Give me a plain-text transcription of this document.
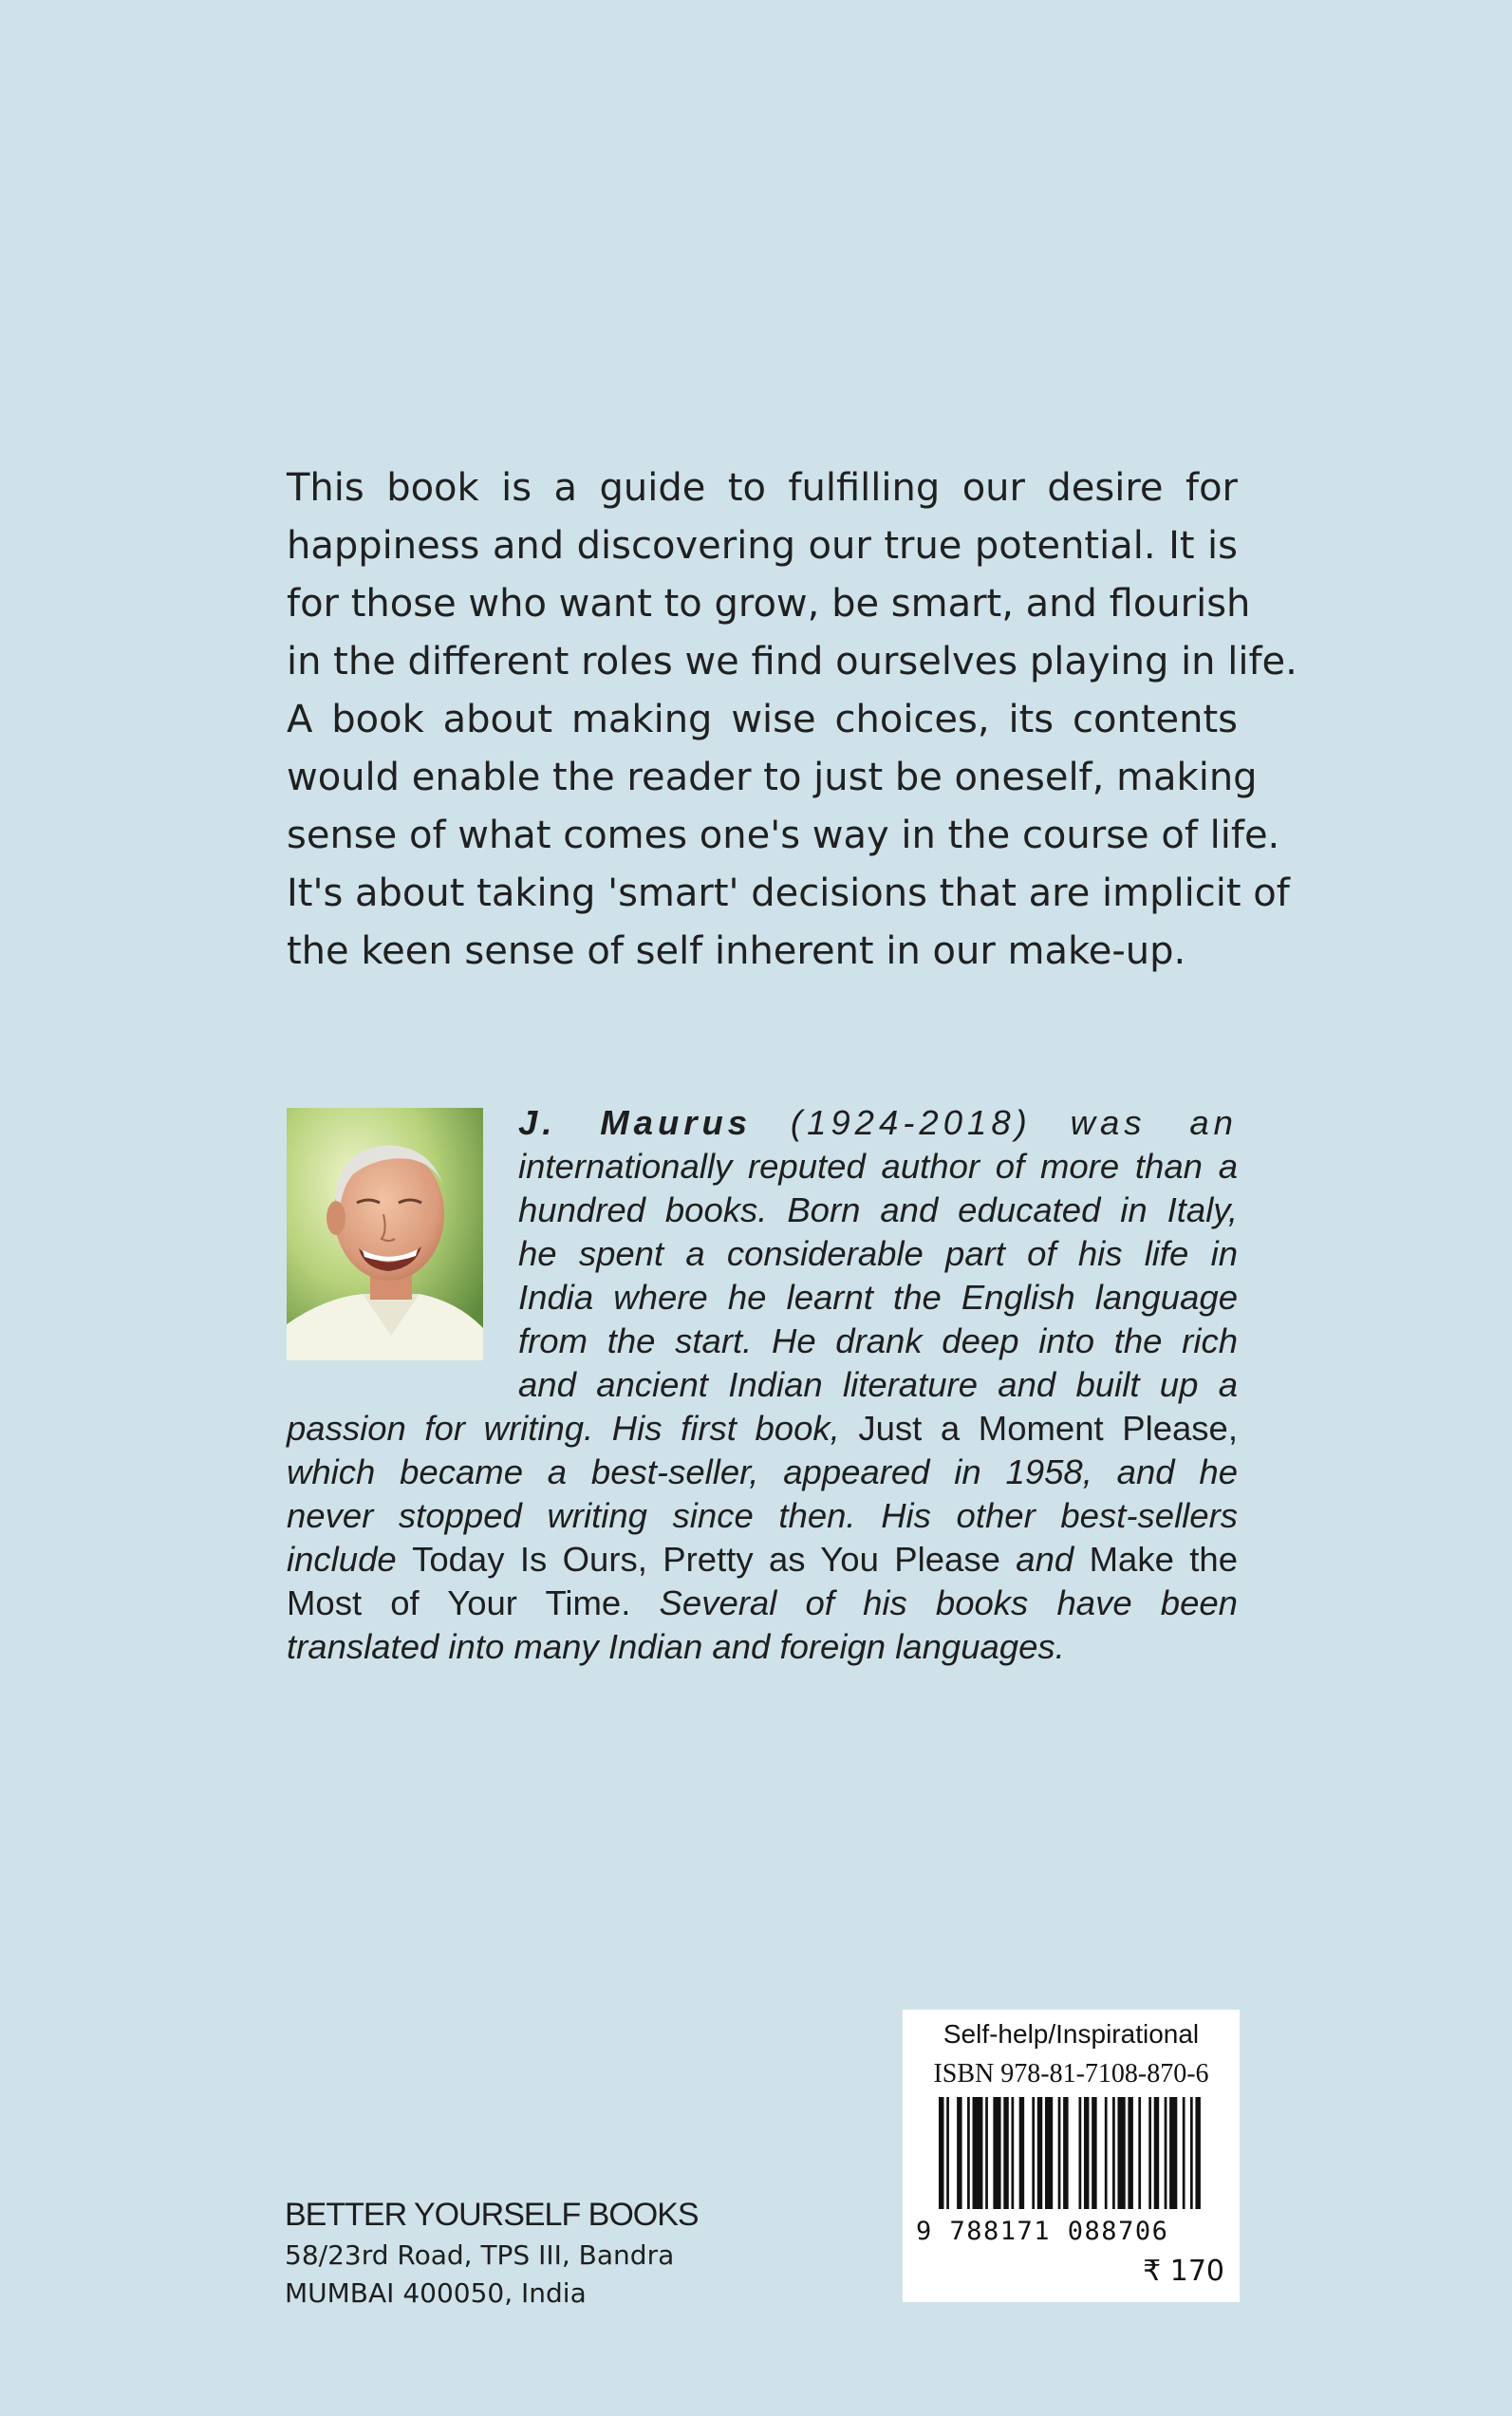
This book is a guide to fulfilling our desire for
happiness and discovering our true potential. It is
for those who want to grow, be smart, and flourish
in the different roles we find ourselves playing in life.
A book about making wise choices, its contents
would enable the reader to just be oneself, making
sense of what comes one's way in the course of life.
It's about taking 'smart' decisions that are implicit of
the keen sense of self inherent in our make-up.
J. Maurus (1924-2018) was an
internationally reputed author of more than a
hundred books. Born and educated in Italy,
he spent a considerable part of his life in
India where he learnt the English language
from the start. He drank deep into the rich
and ancient Indian literature and built up a
passion for writing. His first book, Just a Moment Please,
which became a best-seller, appeared in 1958, and he
never stopped writing since then. His other best-sellers
include Today Is Ours, Pretty as You Please and Make the
Most of Your Time. Several of his books have been
translated into many Indian and foreign languages.
BETTER YOURSELF BOOKS
58/23rd Road, TPS III, Bandra
MUMBAI 400050, India
Self-help/Inspirational
ISBN 978-81-7108-870-6
9 788171 088706
₹ 170
